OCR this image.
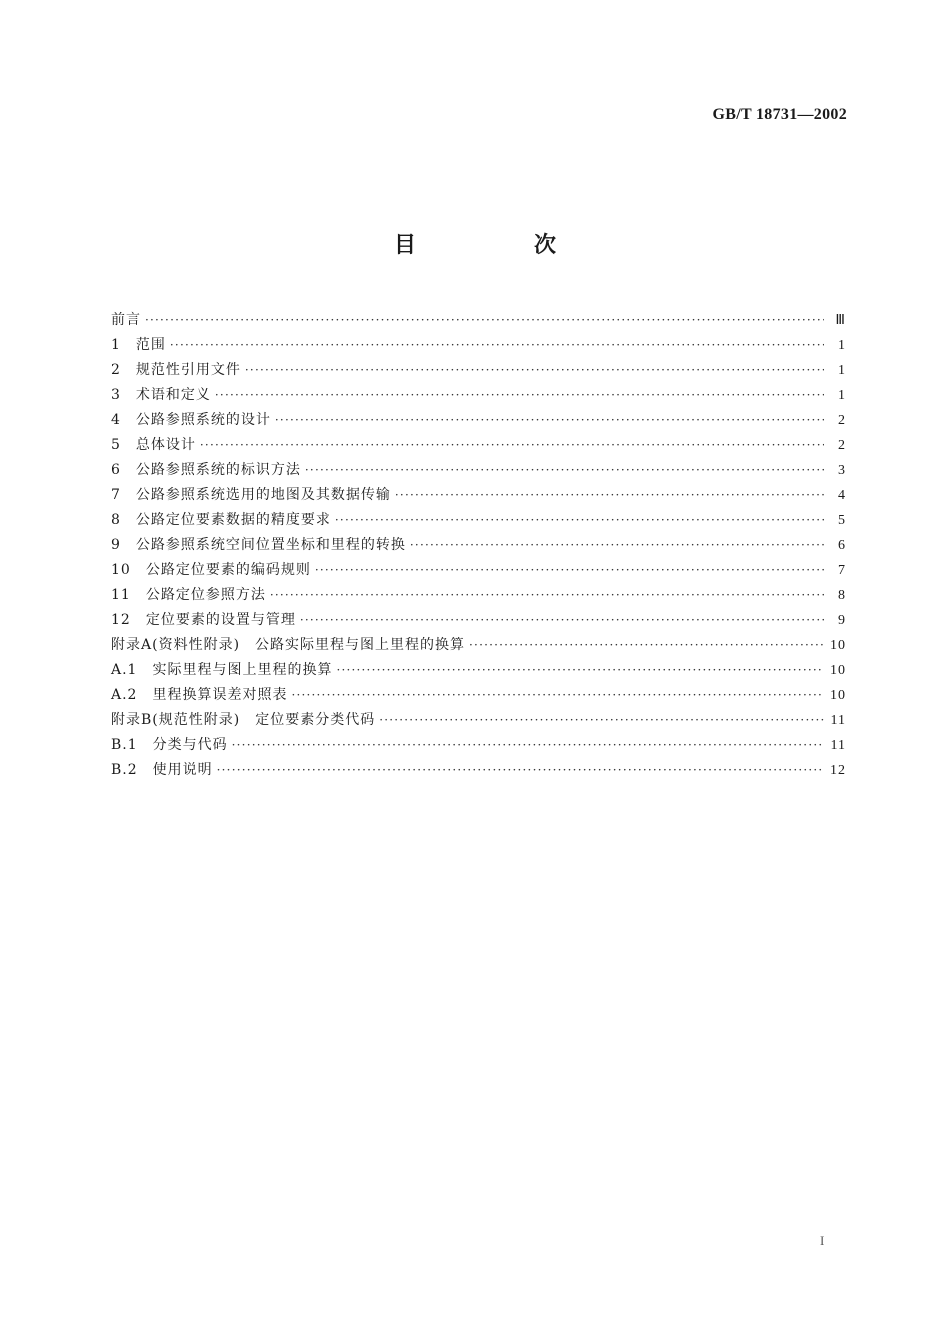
GB/T 18731—2002
目　次
前言 ·····	Ⅲ
1　 范围 ·····	1
2　 规范性引用文件 ·····	1
3　 术语和定义 ·····	1
4　 公路参照系统的设计 ·····	2
5　 总体设计 ·····	2
6　 公路参照系统的标识方法 ·····	3
7　 公路参照系统选用的地图及其数据传输 ·····	4
8　 公路定位要素数据的精度要求 ·····	5
9　 公路参照系统空间位置坐标和里程的转换 ·····	6
10　 公路定位要素的编码规则 ·····	7
11　 公路定位参照方法 ·····	8
12　 定位要素的设置与管理 ·····	9
附录A(资料性附录)　公路实际里程与图上里程的换算 ·····	10
A.1　 实际里程与图上里程的换算 ·····	10
A.2　 里程换算误差对照表 ·····	10
附录B(规范性附录)　定位要素分类代码 ·····	11
B.1　 分类与代码 ·····	11
B.2　 使用说明 ·····	12
I
